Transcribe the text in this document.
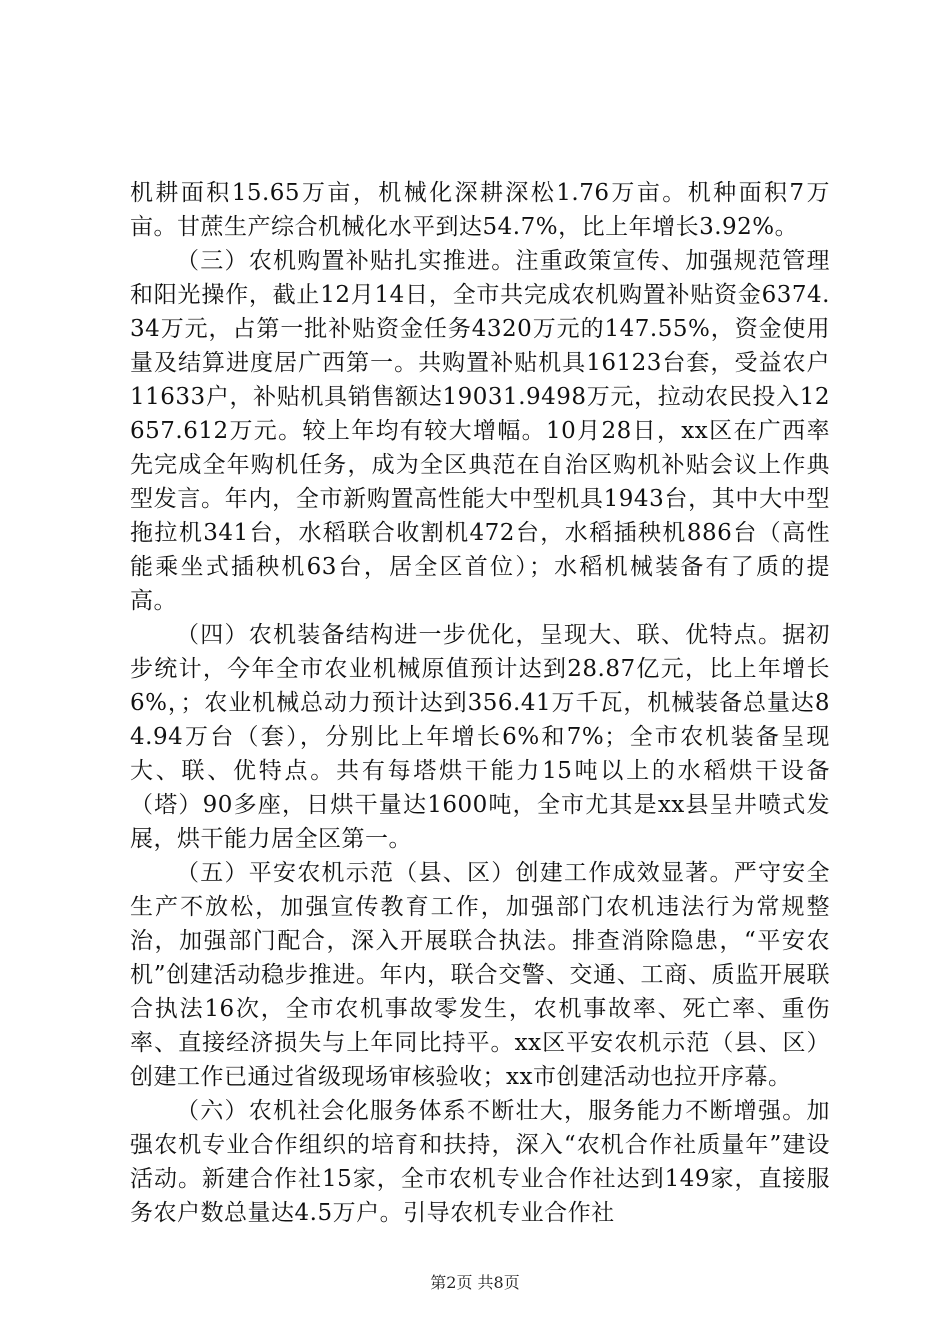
机耕面积15.65万亩，机械化深耕深松1.76万亩。机种面积7万亩。甘蔗生产综合机械化水平到达54.7%，比上年增长3.92%。

（三）农机购置补贴扎实推进。注重政策宣传、加强规范管理和阳光操作，截止12月14日，全市共完成农机购置补贴资金6374.34万元，占第一批补贴资金任务4320万元的147.55%，资金使用量及结算进度居广西第一。共购置补贴机具16123台套，受益农户11633户，补贴机具销售额达19031.9498万元，拉动农民投入12657.612万元。较上年均有较大增幅。10月28日，xx区在广西率先完成全年购机任务，成为全区典范在自治区购机补贴会议上作典型发言。年内，全市新购置高性能大中型机具1943台，其中大中型拖拉机341台，水稻联合收割机472台，水稻插秧机886台（高性能乘坐式插秧机63台，居全区首位）；水稻机械装备有了质的提高。

（四）农机装备结构进一步优化，呈现大、联、优特点。据初步统计，今年全市农业机械原值预计达到28.87亿元，比上年增长6%，；农业机械总动力预计达到356.41万千瓦，机械装备总量达84.94万台（套），分别比上年增长6%和7%；全市农机装备呈现大、联、优特点。共有每塔烘干能力15吨以上的水稻烘干设备（塔）90多座，日烘干量达1600吨，全市尤其是xx县呈井喷式发展，烘干能力居全区第一。

（五）平安农机示范（县、区）创建工作成效显著。严守安全生产不放松，加强宣传教育工作，加强部门农机违法行为常规整治，加强部门配合，深入开展联合执法。排查消除隐患，“平安农机”创建活动稳步推进。年内，联合交警、交通、工商、质监开展联合执法16次，全市农机事故零发生，农机事故率、死亡率、重伤率、直接经济损失与上年同比持平。xx区平安农机示范（县、区）创建工作已通过省级现场审核验收；xx市创建活动也拉开序幕。

（六）农机社会化服务体系不断壮大，服务能力不断增强。加强农机专业合作组织的培育和扶持，深入“农机合作社质量年”建设活动。新建合作社15家，全市农机专业合作社达到149家，直接服务农户数总量达4.5万户。引导农机专业合作社

第2页 共8页
